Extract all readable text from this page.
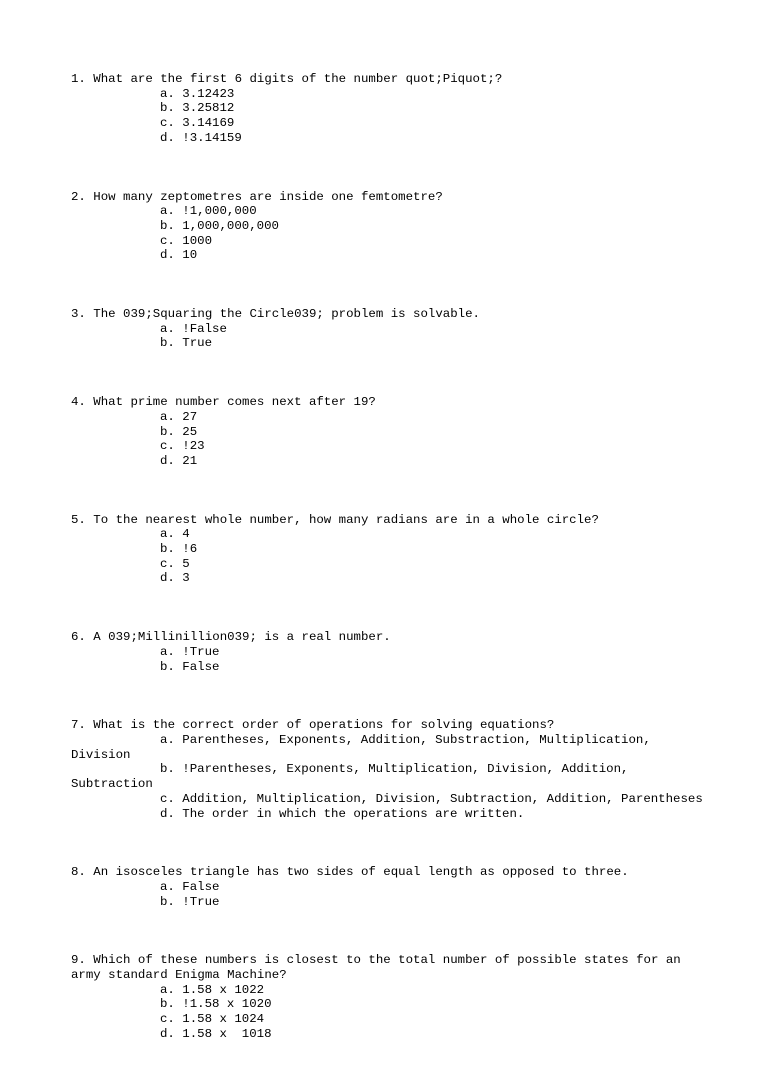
1. What are the first 6 digits of the number quot;Piquot;?

a. 3.12423
b. 3.25812
c. 3.14169
d. !3.14159

2. How many zeptometres are inside one femtometre?

a. !1,000,000
b. 1,000,000,000
c. 1000
d. 10

3. The 039;Squaring the Circle039; problem is solvable.

a. !False
b. True

4. What prime number comes next after 19?

a. 27
b. 25
c. !23
d. 21

5. To the nearest whole number, how many radians are in a whole circle?

a. 4
b. !6
c. 5
d. 3

6. A 039;Millinillion039; is a real number.

a. !True
b. False

7. What is the correct order of operations for solving equations?

a. Parentheses, Exponents, Addition, Substraction, Multiplication, Division
b. !Parentheses, Exponents, Multiplication, Division, Addition, Subtraction
c. Addition, Multiplication, Division, Subtraction, Addition, Parentheses
d. The order in which the operations are written.

8. An isosceles triangle has two sides of equal length as opposed to three.

a. False
b. !True

9. Which of these numbers is closest to the total number of possible states for an army standard Enigma Machine?

a. 1.58 x 1022
b. !1.58 x 1020
c. 1.58 x 1024
d. 1.58 x  1018
